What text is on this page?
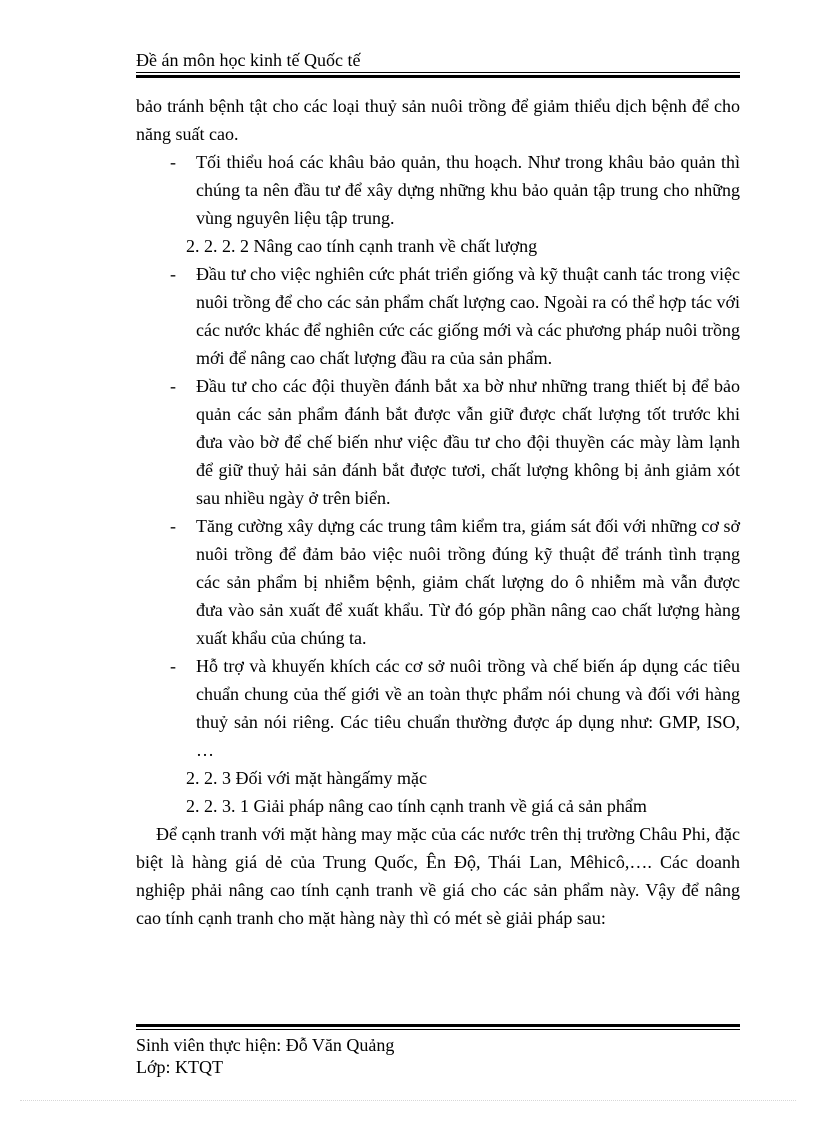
Đề án môn học kinh tế Quốc tế

bảo tránh bệnh tật cho các loại thuỷ sản nuôi trồng để giảm thiểu dịch bệnh để cho năng suất cao.

- Tối thiểu hoá các khâu bảo quản, thu hoạch. Như trong khâu bảo quản thì chúng ta nên đầu tư để xây dựng những khu bảo quản tập trung cho những vùng nguyên liệu tập trung.

2. 2. 2. 2 Nâng cao tính cạnh tranh về chất lượng

- Đầu tư cho việc nghiên cức phát triển giống và kỹ thuật canh tác trong việc nuôi trồng để cho các sản phẩm chất lượng cao. Ngoài ra có thể hợp tác với các nước khác để nghiên cức các giống mới và các phương pháp nuôi trồng mới để nâng cao chất lượng đầu ra của sản phẩm.

- Đầu tư cho các đội thuyền đánh bắt xa bờ như những trang thiết bị để bảo quản các sản phẩm đánh bắt được vẫn giữ được chất lượng tốt trước khi đưa vào bờ để chế biến như việc đầu tư cho đội thuyền các mày làm lạnh để giữ thuỷ hải sản đánh bắt được tươi, chất lượng không bị ảnh giảm xót sau nhiều ngày ở trên biển.

- Tăng cường xây dựng các trung tâm kiểm tra, giám sát đối với những cơ sở nuôi trồng để đảm bảo việc nuôi trồng đúng kỹ thuật để tránh tình trạng các sản phẩm bị nhiễm bệnh, giảm chất lượng do ô nhiễm mà vẫn được đưa vào sản xuất để xuất khẩu. Từ đó góp phần nâng cao chất lượng hàng xuất khẩu của chúng ta.

- Hỗ trợ và khuyến khích các cơ sở nuôi trồng và chế biến áp dụng các tiêu chuẩn chung của thế giới về an toàn thực phẩm nói chung và đối với hàng thuỷ sản nói riêng. Các tiêu chuẩn thường được áp dụng như: GMP, ISO, …

2. 2. 3 Đối với mặt hàngấmy mặc

2. 2. 3. 1 Giải pháp nâng cao tính cạnh tranh về giá cả sản phẩm

Để cạnh tranh với mặt hàng may mặc của các nước trên thị trường Châu Phi, đặc biệt là hàng giá dẻ của Trung Quốc, Ên Độ, Thái Lan, Mêhicô,…. Các doanh nghiệp phải nâng cao tính cạnh tranh về giá cho các sản phẩm này. Vậy để nâng cao tính cạnh tranh cho mặt hàng này thì có mét sè giải pháp sau:

Sinh viên thực hiện: Đỗ Văn Quảng
Lớp: KTQT
